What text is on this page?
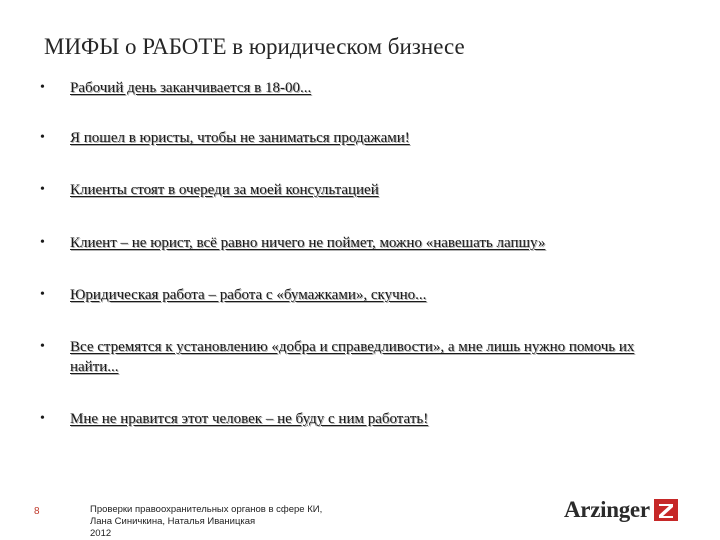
МИФЫ о РАБОТЕ в юридическом бизнесе
• Рабочий день заканчивается в 18-00...
• Я пошел в юристы, чтобы не заниматься продажами!
• Клиенты стоят в очереди за моей консультацией
• Клиент – не юрист, всё равно ничего не поймет, можно «навешать лапшу»
• Юридическая работа – работа с «бумажками», скучно...
• Все стремятся к установлению «добра и справедливости», а мне лишь нужно помочь их найти...
• Мне не нравится этот человек – не буду с ним работать!
8	Проверки правоохранительных органов в сфере КИ,
Лана Синичкина, Наталья Иваницкая
2012
Arzinger
